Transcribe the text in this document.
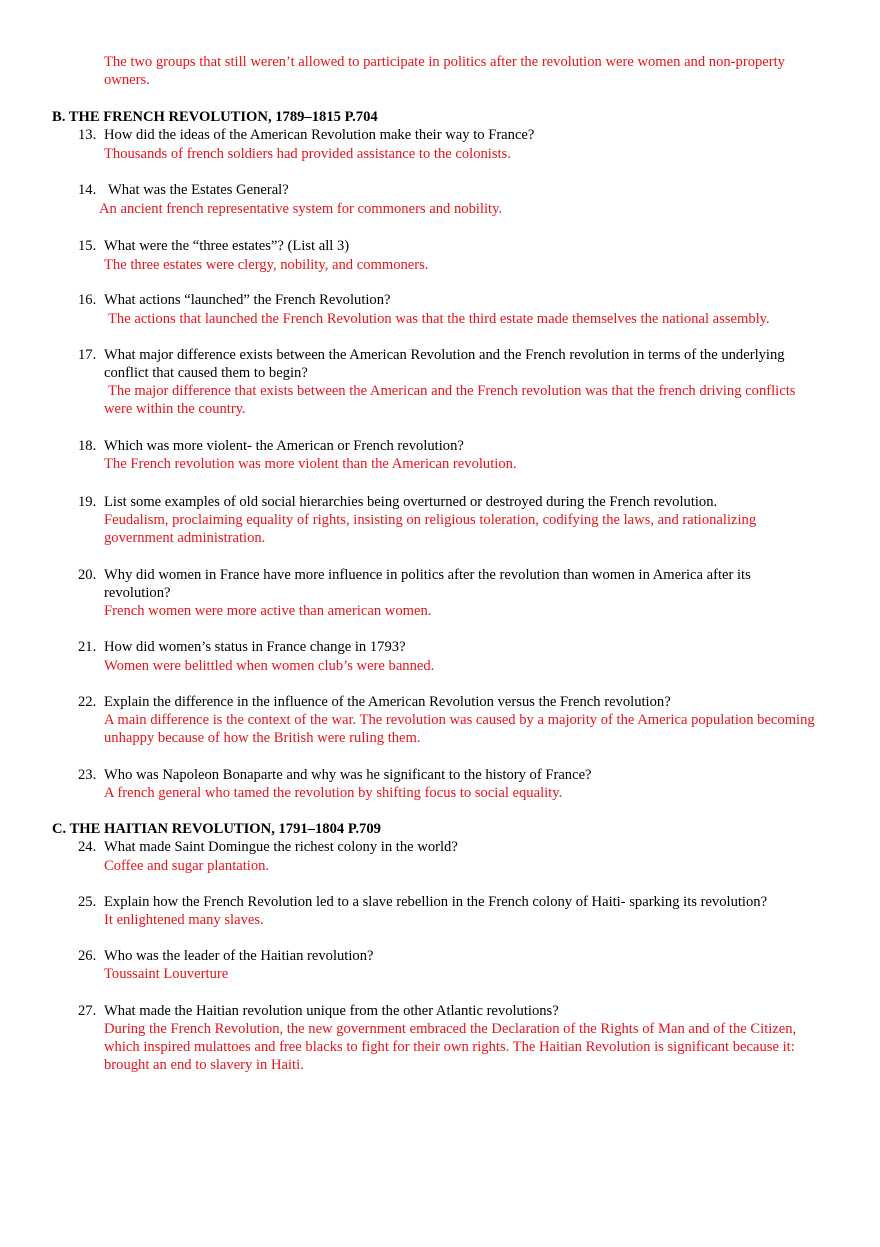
The two groups that still weren’t allowed to participate in politics after the revolution were women and non-property owners.
B. THE FRENCH REVOLUTION, 1789–1815 P.704
13. How did the ideas of the American Revolution make their way to France?
Thousands of french soldiers had provided assistance to the colonists.
14. What was the Estates General?
An ancient french representative system for commoners and nobility.
15. What were the “three estates”? (List all 3)
The three estates were clergy, nobility, and commoners.
16. What actions “launched” the French Revolution?
The actions that launched the French Revolution was that the third estate made themselves the national assembly.
17. What major difference exists between the American Revolution and the French revolution in terms of the underlying conflict that caused them to begin?
The major difference that exists between the American and the French revolution was that the french driving conflicts were within the country.
18. Which was more violent- the American or French revolution?
The French revolution was more violent than the American revolution.
19. List some examples of old social hierarchies being overturned or destroyed during the French revolution.
Feudalism, proclaiming equality of rights, insisting on religious toleration, codifying the laws, and rationalizing government administration.
20. Why did women in France have more influence in politics after the revolution than women in America after its revolution?
French women were more active than american women.
21. How did women’s status in France change in 1793?
Women were belittled when women club’s were banned.
22. Explain the difference in the influence of the American Revolution versus the French revolution?
A main difference is the context of the war. The revolution was caused by a majority of the America population becoming unhappy because of how the British were ruling them.
23. Who was Napoleon Bonaparte and why was he significant to the history of France?
A french general who tamed the revolution by shifting focus to social equality.
C. THE HAITIAN REVOLUTION, 1791–1804 P.709
24. What made Saint Domingue the richest colony in the world?
Coffee and sugar plantation.
25. Explain how the French Revolution led to a slave rebellion in the French colony of Haiti- sparking its revolution?
It enlightened many slaves.
26. Who was the leader of the Haitian revolution?
Toussaint Louverture
27. What made the Haitian revolution unique from the other Atlantic revolutions?
During the French Revolution, the new government embraced the Declaration of the Rights of Man and of the Citizen, which inspired mulattoes and free blacks to fight for their own rights. The Haitian Revolution is significant because it: brought an end to slavery in Haiti.
